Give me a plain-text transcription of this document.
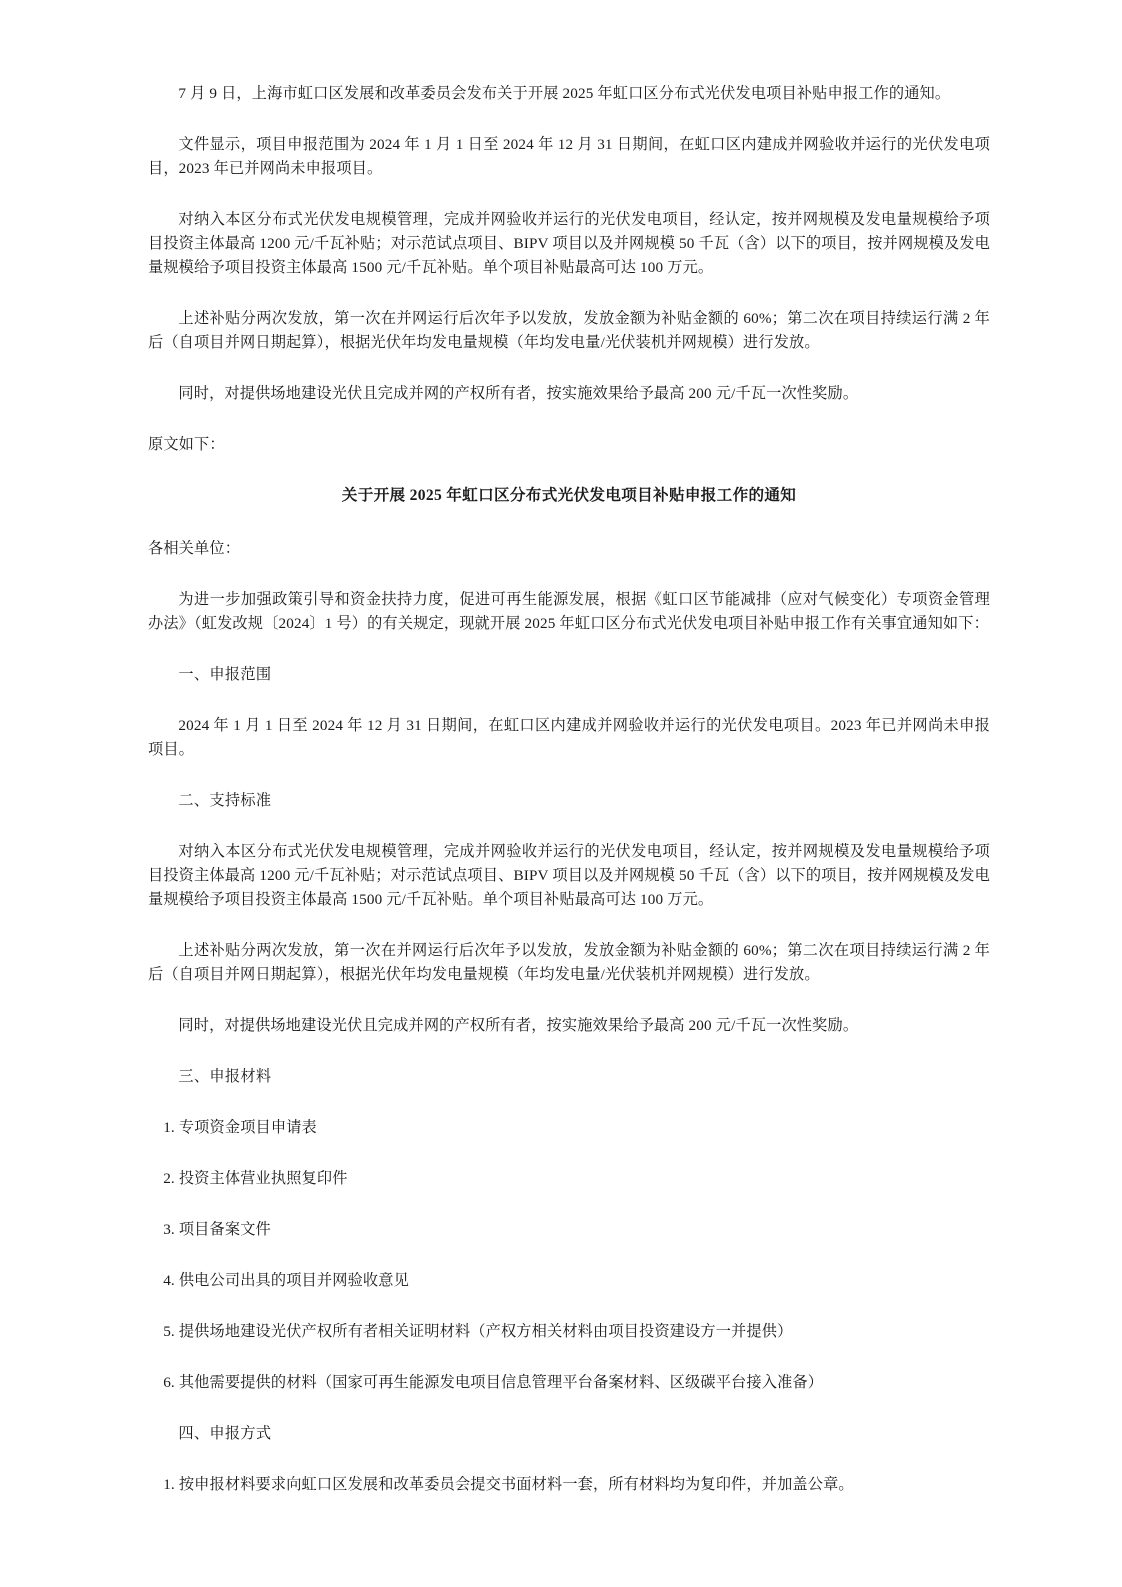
7 月 9 日，上海市虹口区发展和改革委员会发布关于开展 2025 年虹口区分布式光伏发电项目补贴申报工作的通知。

文件显示，项目申报范围为 2024 年 1 月 1 日至 2024 年 12 月 31 日期间，在虹口区内建成并网验收并运行的光伏发电项目，2023 年已并网尚未申报项目。

对纳入本区分布式光伏发电规模管理，完成并网验收并运行的光伏发电项目，经认定，按并网规模及发电量规模给予项目投资主体最高 1200 元/千瓦补贴；对示范试点项目、BIPV 项目以及并网规模 50 千瓦（含）以下的项目，按并网规模及发电量规模给予项目投资主体最高 1500 元/千瓦补贴。单个项目补贴最高可达 100 万元。

上述补贴分两次发放，第一次在并网运行后次年予以发放，发放金额为补贴金额的 60%；第二次在项目持续运行满 2 年后（自项目并网日期起算），根据光伏年均发电量规模（年均发电量/光伏装机并网规模）进行发放。

同时，对提供场地建设光伏且完成并网的产权所有者，按实施效果给予最高 200 元/千瓦一次性奖励。

原文如下：

关于开展 2025 年虹口区分布式光伏发电项目补贴申报工作的通知

各相关单位：

为进一步加强政策引导和资金扶持力度，促进可再生能源发展，根据《虹口区节能减排（应对气候变化）专项资金管理办法》（虹发改规〔2024〕1 号）的有关规定，现就开展 2025 年虹口区分布式光伏发电项目补贴申报工作有关事宜通知如下：

一、申报范围

2024 年 1 月 1 日至 2024 年 12 月 31 日期间，在虹口区内建成并网验收并运行的光伏发电项目。2023 年已并网尚未申报项目。

二、支持标准

对纳入本区分布式光伏发电规模管理，完成并网验收并运行的光伏发电项目，经认定，按并网规模及发电量规模给予项目投资主体最高 1200 元/千瓦补贴；对示范试点项目、BIPV 项目以及并网规模 50 千瓦（含）以下的项目，按并网规模及发电量规模给予项目投资主体最高 1500 元/千瓦补贴。单个项目补贴最高可达 100 万元。

上述补贴分两次发放，第一次在并网运行后次年予以发放，发放金额为补贴金额的 60%；第二次在项目持续运行满 2 年后（自项目并网日期起算），根据光伏年均发电量规模（年均发电量/光伏装机并网规模）进行发放。

同时，对提供场地建设光伏且完成并网的产权所有者，按实施效果给予最高 200 元/千瓦一次性奖励。

三、申报材料

1. 专项资金项目申请表

2. 投资主体营业执照复印件

3. 项目备案文件

4. 供电公司出具的项目并网验收意见

5. 提供场地建设光伏产权所有者相关证明材料（产权方相关材料由项目投资建设方一并提供）

6. 其他需要提供的材料（国家可再生能源发电项目信息管理平台备案材料、区级碳平台接入准备）

四、申报方式

1. 按申报材料要求向虹口区发展和改革委员会提交书面材料一套，所有材料均为复印件，并加盖公章。
